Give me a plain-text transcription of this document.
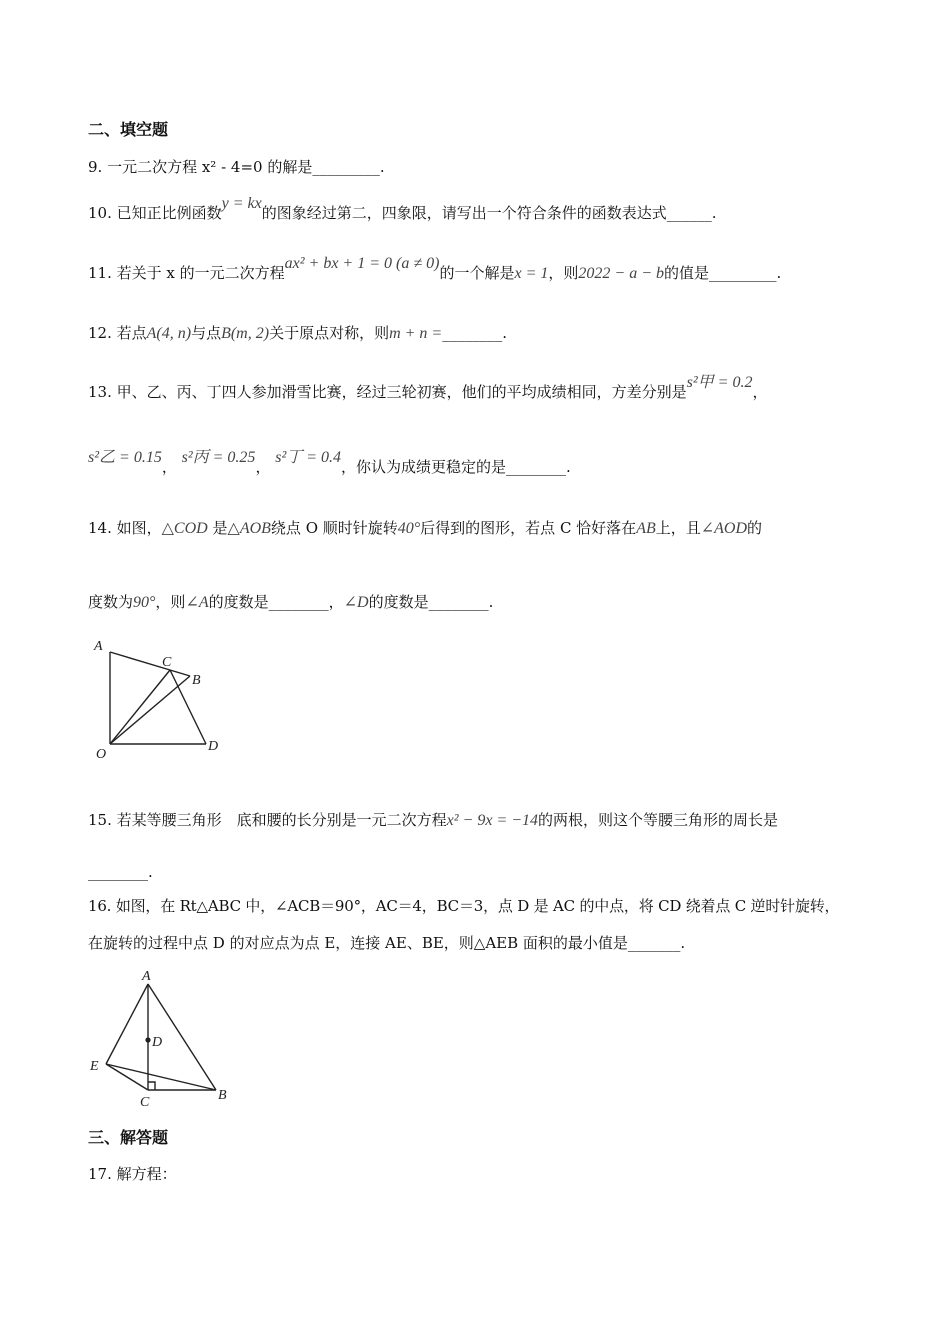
二、填空题
9. 一元二次方程 x² - 4=0 的解是_________.
10. 已知正比例函数y = kx的图象经过第二，四象限，请写出一个符合条件的函数表达式______.
11. 若关于 x 的一元二次方程ax² + bx + 1 = 0 (a ≠ 0)的一个解是x = 1，则2022 − a − b的值是_________.
12. 若点A(4, n)与点B(m, 2)关于原点对称，则m + n =________.
13. 甲、乙、丙、丁四人参加滑雪比赛，经过三轮初赛，他们的平均成绩相同，方差分别是s²甲 = 0.2，
s²乙 = 0.15， s²丙 = 0.25， s²丁 = 0.4，你认为成绩更稳定的是________.
14. 如图，△COD 是△AOB绕点 O 顺时针旋转40°后得到的图形，若点 C 恰好落在AB上，且∠AOD的
度数为90°，则∠A的度数是________，∠D的度数是________.
A
C
B
D
O
15. 若某等腰三角形　底和腰的长分别是一元二次方程x² − 9x = −14的两根，则这个等腰三角形的周长是
________.
16. 如图，在 Rt△ABC 中，∠ACB＝90°，AC＝4，BC＝3，点 D 是 AC 的中点，将 CD 绕着点 C 逆时针旋转，
在旋转的过程中点 D 的对应点为点 E，连接 AE、BE，则△AEB 面积的最小值是_______.
A
D
E
B
C
三、解答题
17. 解方程：
